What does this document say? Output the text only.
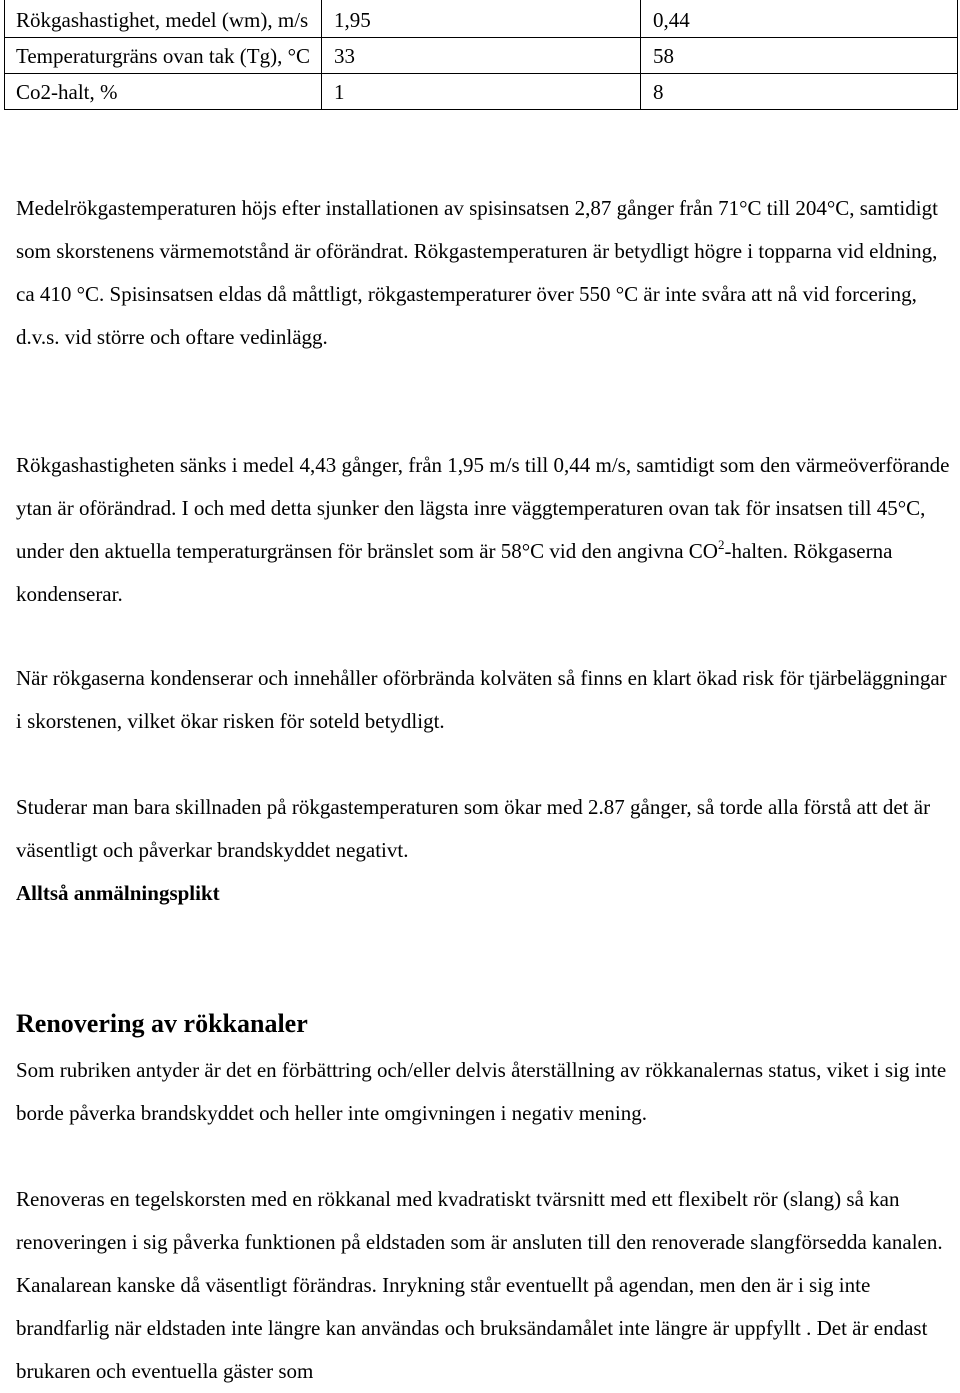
Rökgashastighet, medel (wm), m/s	1,95	0,44
Temperaturgräns ovan tak (Tg), °C	33	58
Co2-halt, %	1	8

Medelrökgastemperaturen höjs efter installationen av spisinsatsen 2,87 gånger från 71°C till 204°C, samtidigt som skorstenens värmemotstånd är oförändrat. Rökgastemperaturen är betydligt högre i topparna vid eldning, ca 410 °C. Spisinsatsen eldas då måttligt, rökgastemperaturer över 550 °C är inte svåra att nå vid forcering, d.v.s. vid större och oftare vedinlägg.

Rökgashastigheten sänks i medel 4,43 gånger, från 1,95 m/s till 0,44 m/s, samtidigt som den värmeöverförande ytan är oförändrad. I och med detta sjunker den lägsta inre väggtemperaturen ovan tak för insatsen till 45°C, under den aktuella temperaturgränsen för bränslet som är 58°C vid den angivna $CO^2$-halten. Rökgaserna kondenserar.

När rökgaserna kondenserar och innehåller oförbrända kolväten så finns en klart ökad risk för tjärbeläggningar i skorstenen, vilket ökar risken för soteld betydligt.

Studerar man bara skillnaden på rökgastemperaturen som ökar med 2.87 gånger, så torde alla förstå att det är väsentligt och påverkar brandskyddet negativt.

Alltså anmälningsplikt

Renovering av rökkanaler

Som rubriken antyder är det en förbättring och/eller delvis återställning av rökkanalernas status, viket i sig inte borde påverka brandskyddet och heller inte omgivningen i negativ mening.

Renoveras en tegelskorsten med en rökkanal med kvadratiskt tvärsnitt med ett flexibelt rör (slang) så kan renoveringen i sig påverka funktionen på eldstaden som är ansluten till den renoverade slangförsedda kanalen. Kanalarean kanske då väsentligt förändras. Inrykning står eventuellt på agendan, men den är i sig inte brandfarlig när eldstaden inte längre kan användas och bruksändamålet inte längre är uppfyllt . Det är endast brukaren och eventuella gäster som
